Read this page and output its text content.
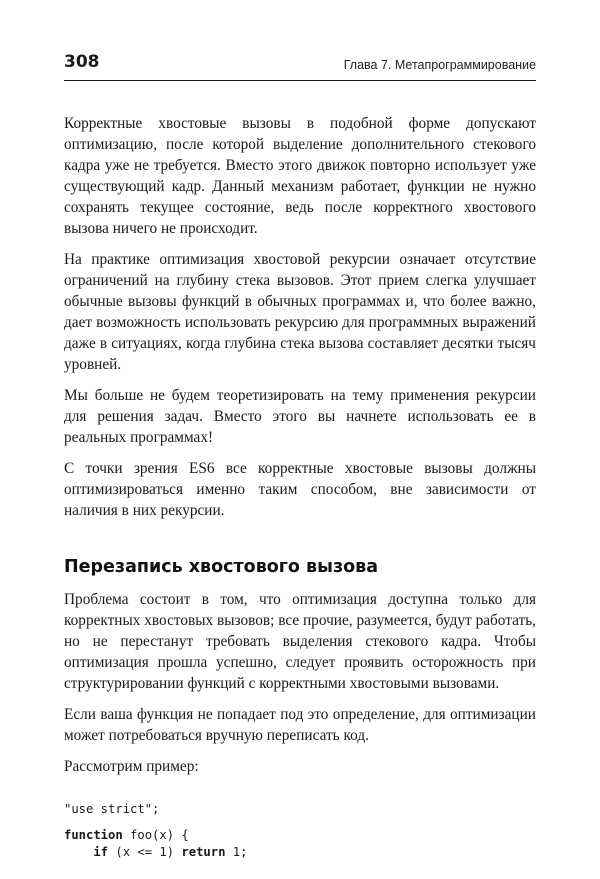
308	Глава 7. Метапрограммирование

Корректные хвостовые вызовы в подобной форме допускают оптимизацию, после которой выделение дополнительного стекового кадра уже не требуется. Вместо этого движок повторно использует уже существующий кадр. Данный механизм работает, функции не нужно сохранять текущее состояние, ведь после корректного хвостового вызова ничего не происходит.

На практике оптимизация хвостовой рекурсии означает отсутствие ограничений на глубину стека вызовов. Этот прием слегка улучшает обычные вызовы функций в обычных программах и, что более важно, дает возможность использовать рекурсию для программных выражений даже в ситуациях, когда глубина стека вызова составляет десятки тысяч уровней.

Мы больше не будем теоретизировать на тему применения рекурсии для решения задач. Вместо этого вы начнете использовать ее в реальных программах!

С точки зрения ES6 все корректные хвостовые вызовы должны оптимизироваться именно таким способом, вне зависимости от наличия в них рекурсии.

Перезапись хвостового вызова

Проблема состоит в том, что оптимизация доступна только для корректных хвостовых вызовов; все прочие, разумеется, будут работать, но не перестанут требовать выделения стекового кадра. Чтобы оптимизация прошла успешно, следует проявить осторожность при структурировании функций с корректными хвостовыми вызовами.

Если ваша функция не попадает под это определение, для оптимизации может потребоваться вручную переписать код.

Рассмотрим пример:

"use strict";
function foo(x) {
if (x <= 1) return 1;
